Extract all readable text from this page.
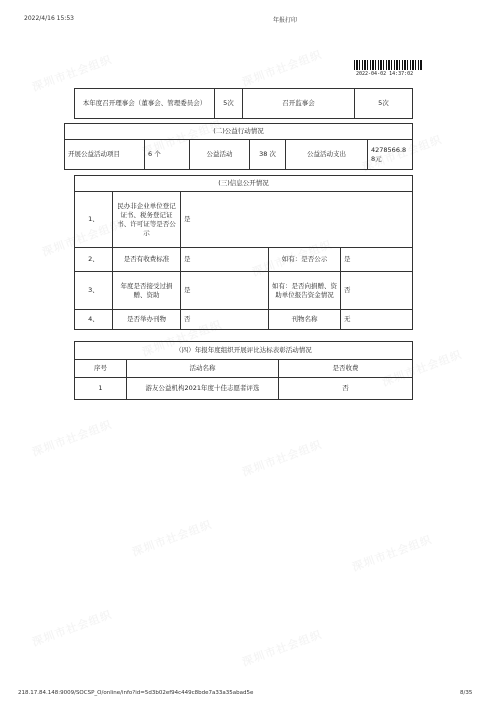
2022/4/16 15:53	年报打印
2022-04-02 14:37:02
本年度召开理事会（董事会、管理委员会）	5次	召开监事会	5次
(二)公益行动情况
开展公益活动项目	6 个	公益活动	38 次	公益活动支出	4278566.88元
(三)信息公开情况				
1、	民办非企业单位登记证书、税务登记证书、许可证等是否公示	是		
2、	是否有收费标准	是	如有：是否公示	是
3、	年度是否接受过捐赠、资助	是	如有：是否向捐赠、资助单位报告资金情况	否
4、	是否举办刊物	否	刊物名称	无
（四）年报年度组织开展评比达标表彰活动情况		
序号	活动名称	是否收费
1	游友公益机构2021年度十佳志愿者评选	否
218.17.84.148:9009/SOCSP_O/online/info?id=5d3b02ef94c449c8bde7a33a35abad5e	8/35
